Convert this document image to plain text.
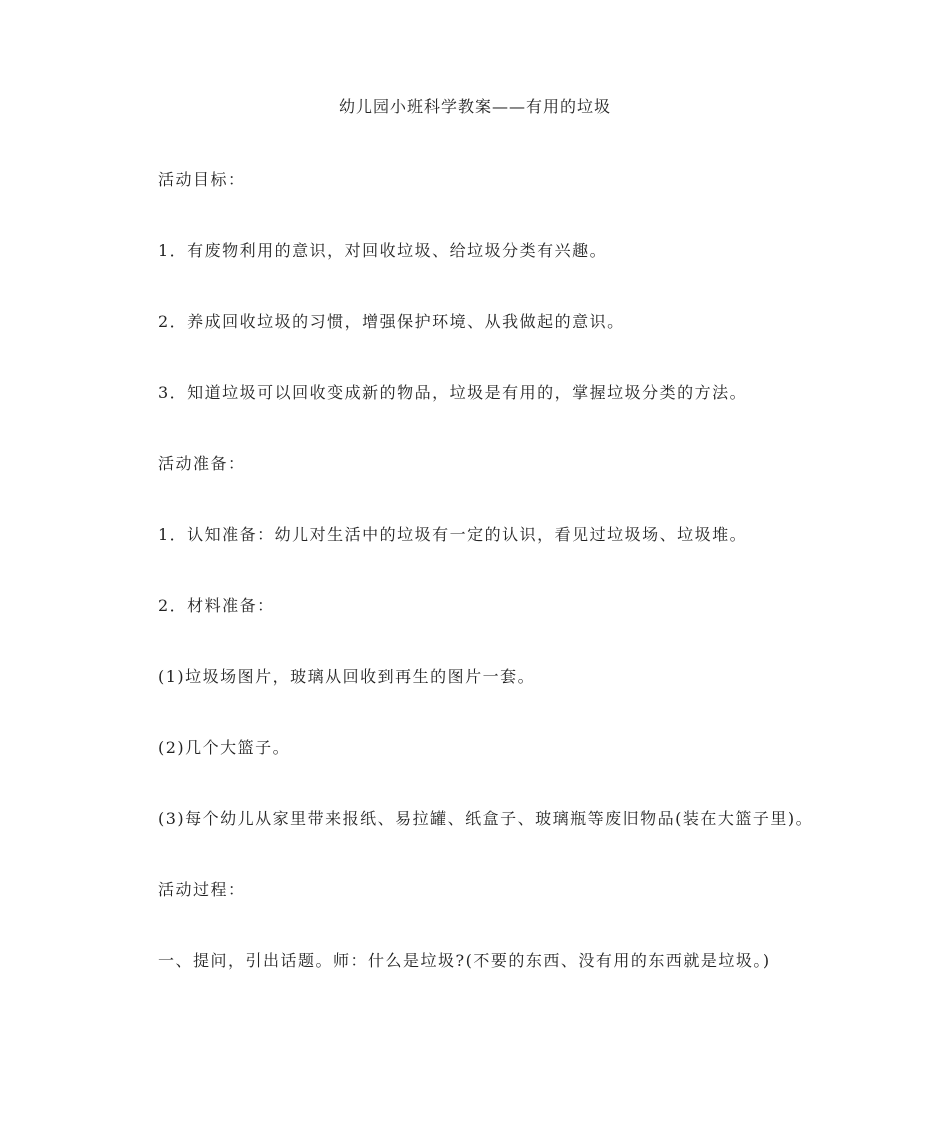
幼儿园小班科学教案——有用的垃圾
活动目标：
1．有废物利用的意识，对回收垃圾、给垃圾分类有兴趣。
2．养成回收垃圾的习惯，增强保护环境、从我做起的意识。
3．知道垃圾可以回收变成新的物品，垃圾是有用的，掌握垃圾分类的方法。
活动准备：
1．认知准备：幼儿对生活中的垃圾有一定的认识，看见过垃圾场、垃圾堆。
2．材料准备：
(1)垃圾场图片，玻璃从回收到再生的图片一套。
(2)几个大篮子。
(3)每个幼儿从家里带来报纸、易拉罐、纸盒子、玻璃瓶等废旧物品(装在大篮子里)。
活动过程：
一、提问，引出话题。师：什么是垃圾?(不要的东西、没有用的东西就是垃圾。)
